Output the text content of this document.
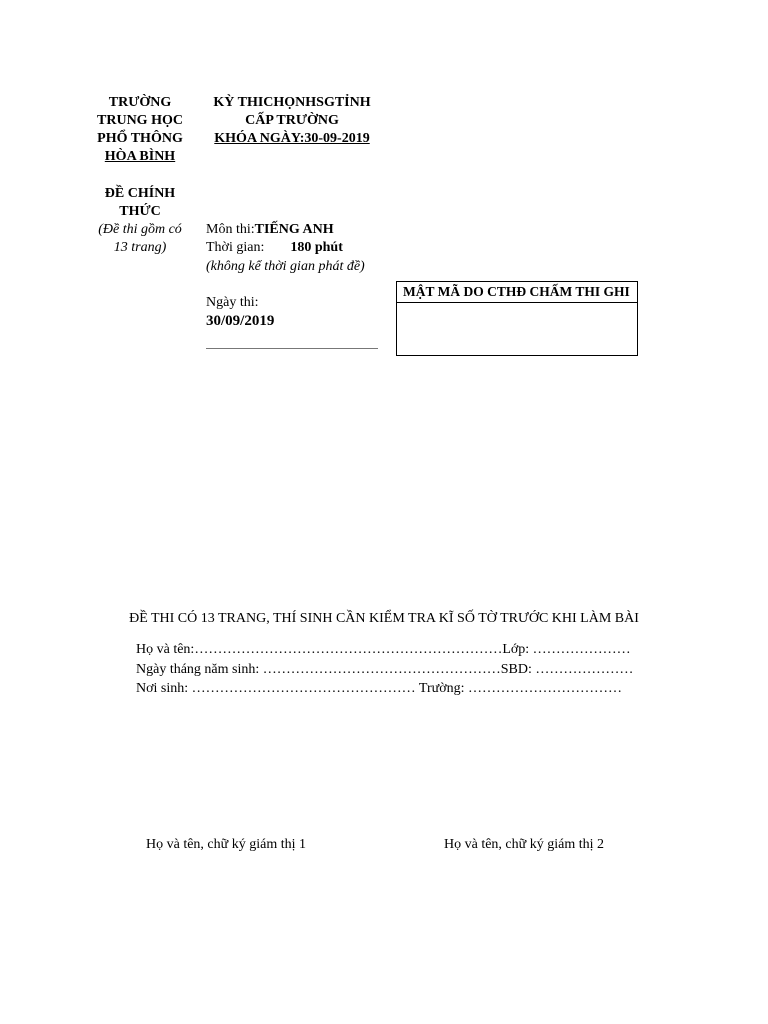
TRƯỜNG
TRUNG HỌC
PHỔ THÔNG
HÒA BÌNH
ĐỀ CHÍNH
THỨC
(Đề thi gồm có
13 trang)
KỲ THICHỌNHSGTỈNH
CẤP TRƯỜNG
KHÓA NGÀY:30-09-2019
Môn thi:TIẾNG ANH
Thời gian: 180 phút
(không kể thời gian phát đề)
Ngày thi:
30/09/2019
MẬT MÃ DO CTHĐ CHẤM THI GHI
ĐỀ THI CÓ 13 TRANG, THÍ SINH CẦN KIỂM TRA KĨ SỐ TỜ TRƯỚC KHI LÀM BÀI
Họ và tên:…………………………………………………………Lớp: …………………
Ngày tháng năm sinh: ……………………………………………SBD: …………………
Nơi sinh: ………………………………………… Trường: ……………………………
Họ và tên, chữ ký giám thị 1	Họ và tên, chữ ký giám thị 2
